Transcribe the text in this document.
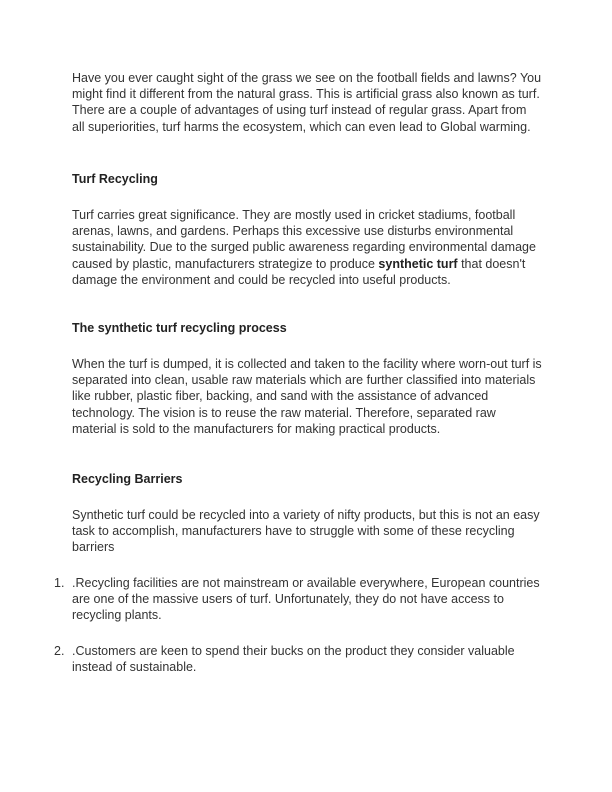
Have you ever caught sight of the grass we see on the football fields and lawns? You might find it different from the natural grass. This is artificial grass also known as turf. There are a couple of advantages of using turf instead of regular grass. Apart from all superiorities, turf harms the ecosystem, which can even lead to Global warming.

Turf Recycling

Turf carries great significance. They are mostly used in cricket stadiums, football arenas, lawns, and gardens. Perhaps this excessive use disturbs environmental sustainability. Due to the surged public awareness regarding environmental damage caused by plastic, manufacturers strategize to produce synthetic turf that doesn't damage the environment and could be recycled into useful products.

The synthetic turf recycling process

When the turf is dumped, it is collected and taken to the facility where worn-out turf is separated into clean, usable raw materials which are further classified into materials like rubber, plastic fiber, backing, and sand with the assistance of advanced technology. The vision is to reuse the raw material. Therefore, separated raw material is sold to the manufacturers for making practical products.

Recycling Barriers

Synthetic turf could be recycled into a variety of nifty products, but this is not an easy task to accomplish, manufacturers have to struggle with some of these recycling barriers

1. .Recycling facilities are not mainstream or available everywhere, European countries are one of the massive users of turf. Unfortunately, they do not have access to recycling plants.
2. .Customers are keen to spend their bucks on the product they consider valuable instead of sustainable.
